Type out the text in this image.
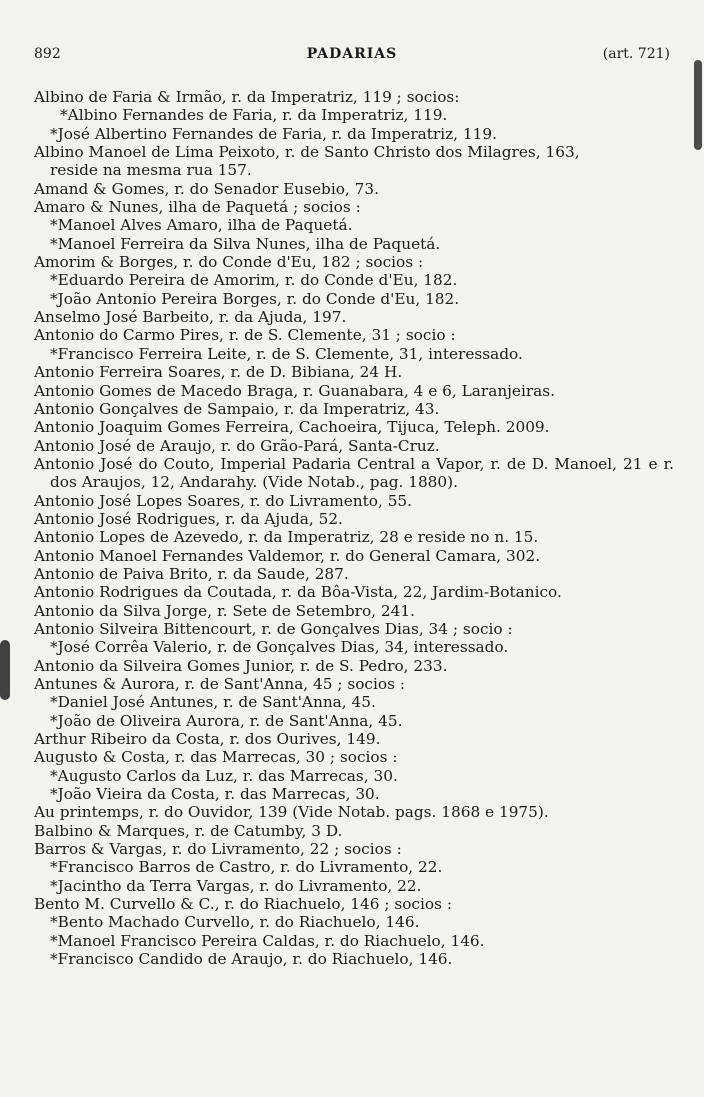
892	PADARIAS	(art. 721)
Albino de Faria & Irmão, r. da Imperatriz, 119 ; socios:
*Albino Fernandes de Faria, r. da Imperatriz, 119.
*José Albertino Fernandes de Faria, r. da Imperatriz, 119.
Albino Manoel de Lima Peixoto, r. de Santo Christo dos Milagres, 163,
reside na mesma rua 157.
Amand & Gomes, r. do Senador Eusebio, 73.
Amaro & Nunes, ilha de Paquetá ; socios :
*Manoel Alves Amaro, ilha de Paquetá.
*Manoel Ferreira da Silva Nunes, ilha de Paquetá.
Amorim & Borges, r. do Conde d'Eu, 182 ; socios :
*Eduardo Pereira de Amorim, r. do Conde d'Eu, 182.
*João Antonio Pereira Borges, r. do Conde d'Eu, 182.
Anselmo José Barbeito, r. da Ajuda, 197.
Antonio do Carmo Pires, r. de S. Clemente, 31 ; socio :
*Francisco Ferreira Leite, r. de S. Clemente, 31, interessado.
Antonio Ferreira Soares, r. de D. Bibiana, 24 H.
Antonio Gomes de Macedo Braga, r. Guanabara, 4 e 6, Laranjeiras.
Antonio Gonçalves de Sampaio, r. da Imperatriz, 43.
Antonio Joaquim Gomes Ferreira, Cachoeira, Tijuca, Teleph. 2009.
Antonio José de Araujo, r. do Grão-Pará, Santa-Cruz.
Antonio José do Couto, Imperial Padaria Central a Vapor, r. de D. Manoel, 21 e r. dos Araujos, 12, Andarahy. (Vide Notab., pag. 1880).
Antonio José Lopes Soares, r. do Livramento, 55.
Antonio José Rodrigues, r. da Ajuda, 52.
Antonio Lopes de Azevedo, r. da Imperatriz, 28 e reside no n. 15.
Antonio Manoel Fernandes Valdemor, r. do General Camara, 302.
Antonio de Paiva Brito, r. da Saude, 287.
Antonio Rodrigues da Coutada, r. da Bôa-Vista, 22, Jardim-Botanico.
Antonio da Silva Jorge, r. Sete de Setembro, 241.
Antonio Silveira Bittencourt, r. de Gonçalves Dias, 34 ; socio :
*José Corrêa Valerio, r. de Gonçalves Dias, 34, interessado.
Antonio da Silveira Gomes Junior, r. de S. Pedro, 233.
Antunes & Aurora, r. de Sant'Anna, 45 ; socios :
*Daniel José Antunes, r. de Sant'Anna, 45.
*João de Oliveira Aurora, r. de Sant'Anna, 45.
Arthur Ribeiro da Costa, r. dos Ourives, 149.
Augusto & Costa, r. das Marrecas, 30 ; socios :
*Augusto Carlos da Luz, r. das Marrecas, 30.
*João Vieira da Costa, r. das Marrecas, 30.
Au printemps, r. do Ouvidor, 139 (Vide Notab. pags. 1868 e 1975).
Balbino & Marques, r. de Catumby, 3 D.
Barros & Vargas, r. do Livramento, 22 ; socios :
*Francisco Barros de Castro, r. do Livramento, 22.
*Jacintho da Terra Vargas, r. do Livramento, 22.
Bento M. Curvello & C., r. do Riachuelo, 146 ; socios :
*Bento Machado Curvello, r. do Riachuelo, 146.
*Manoel Francisco Pereira Caldas, r. do Riachuelo, 146.
*Francisco Candido de Araujo, r. do Riachuelo, 146.
